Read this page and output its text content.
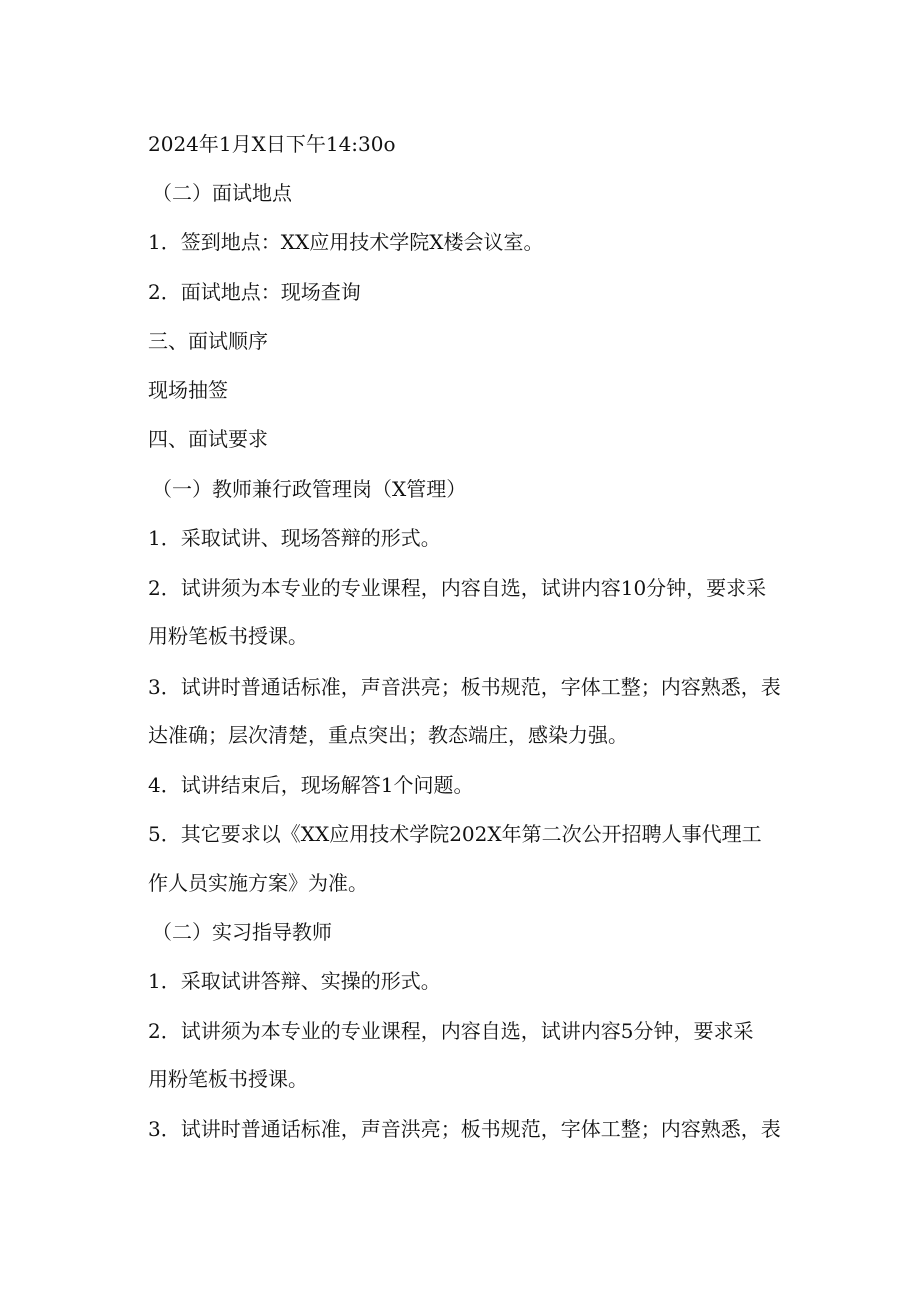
2024年1月X日下午14:30o
（二）面试地点
1．签到地点：XX应用技术学院X楼会议室。
2．面试地点：现场查询
三、面试顺序
现场抽签
四、面试要求
（一）教师兼行政管理岗（X管理）
1．采取试讲、现场答辩的形式。
2．试讲须为本专业的专业课程，内容自选，试讲内容10分钟，要求采
用粉笔板书授课。
3．试讲时普通话标准，声音洪亮；板书规范，字体工整；内容熟悉，表
达准确；层次清楚，重点突出；教态端庄，感染力强。
4．试讲结束后，现场解答1个问题。
5．其它要求以《XX应用技术学院202X年第二次公开招聘人事代理工
作人员实施方案》为准。
（二）实习指导教师
1．采取试讲答辩、实操的形式。
2．试讲须为本专业的专业课程，内容自选，试讲内容5分钟，要求采
用粉笔板书授课。
3．试讲时普通话标准，声音洪亮；板书规范，字体工整；内容熟悉，表
